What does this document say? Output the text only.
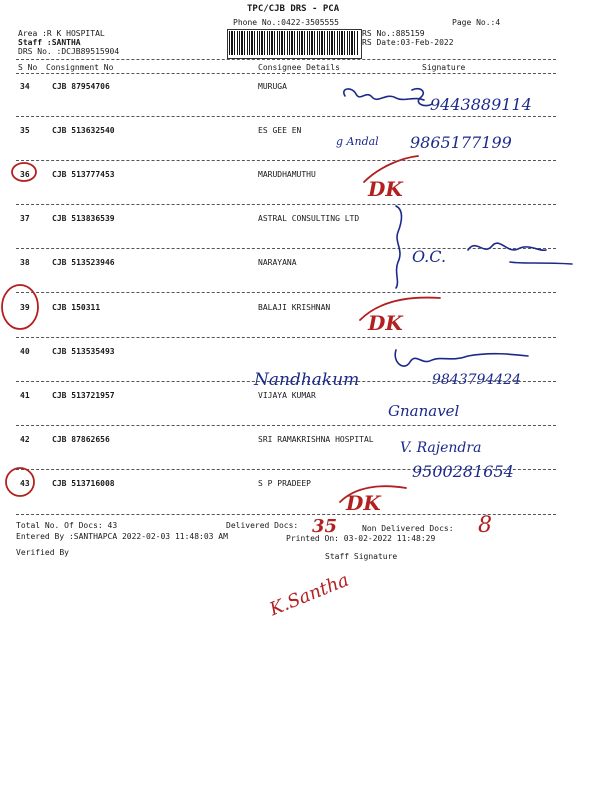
TPC/CJB DRS - PCA
Phone No.:0422-3505555	Page No.:4
Area :R K HOSPITAL
Staff :SANTHA
DRS No. :DCJB89515904
RS No.:885159
RS Date:03-Feb-2022
S No Consignment No	Consignee Details	Signature
34	CJB 87954706	MURUGA
35	CJB 513632540	ES GEE EN
36	CJB 513777453	MARUDHAMUTHU
37	CJB 513836539	ASTRAL CONSULTING LTD
38	CJB 513523946	NARAYANA
39	CJB 150311	BALAJI KRISHNAN
40	CJB 513535493
41	CJB 513721957	VIJAYA KUMAR
42	CJB 87862656	SRI RAMAKRISHNA HOSPITAL
43	CJB 513716008	S P PRADEEP
Total No. Of Docs: 43	Delivered Docs:	Non Delivered Docs:
Entered By :SANTHAPCA 2022-02-03 11:48:03 AM	Printed On: 03-02-2022 11:48:29
Verified By	Staff Signature
9443889114
g Andal 9865177199
DK
O.C.
DK
Nandhakum	9843794424
Gnanavel
V. Rajendra
9500281654
DK
35	8
K.Santha
